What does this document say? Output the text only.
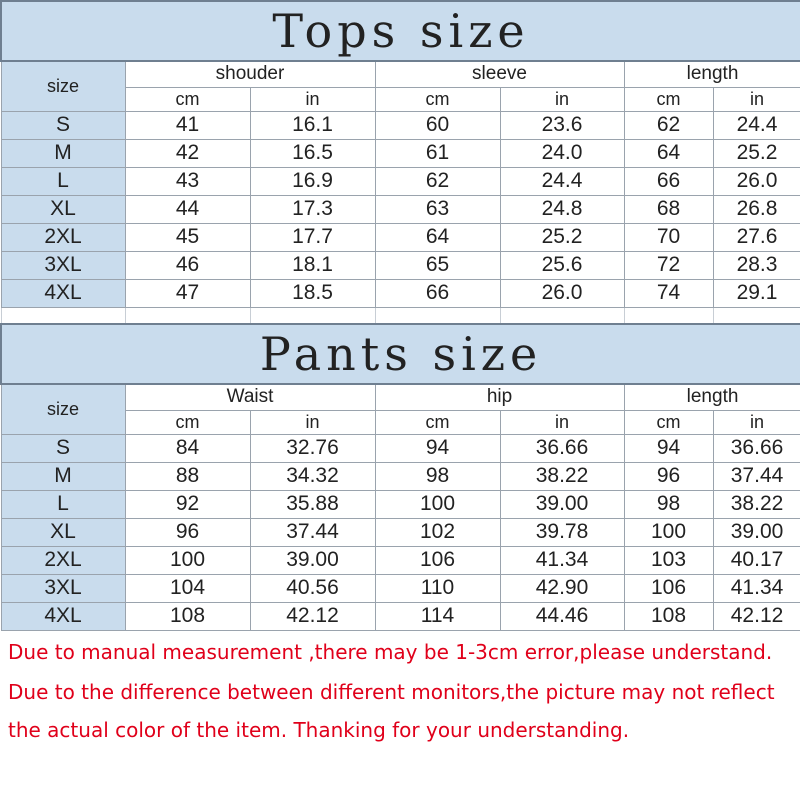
Tops size						
size	shouder		sleeve		length	
	cm	in	cm	in	cm	in
S	41	16.1	60	23.6	62	24.4
M	42	16.5	61	24.0	64	25.2
L	43	16.9	62	24.4	66	26.0
XL	44	17.3	63	24.8	68	26.8
2XL	45	17.7	64	25.2	70	27.6
3XL	46	18.1	65	25.6	72	28.3
4XL	47	18.5	66	26.0	74	29.1

Pants size						
size	Waist		hip		length	
	cm	in	cm	in	cm	in
S	84	32.76	94	36.66	94	36.66
M	88	34.32	98	38.22	96	37.44
L	92	35.88	100	39.00	98	38.22
XL	96	37.44	102	39.78	100	39.00
2XL	100	39.00	106	41.34	103	40.17
3XL	104	40.56	110	42.90	106	41.34
4XL	108	42.12	114	44.46	108	42.12
Due to manual measurement ,there may be 1-3cm error,please understand.
Due to the difference between different monitors,the picture may not reflect
the actual color of the item. Thanking for your understanding.
